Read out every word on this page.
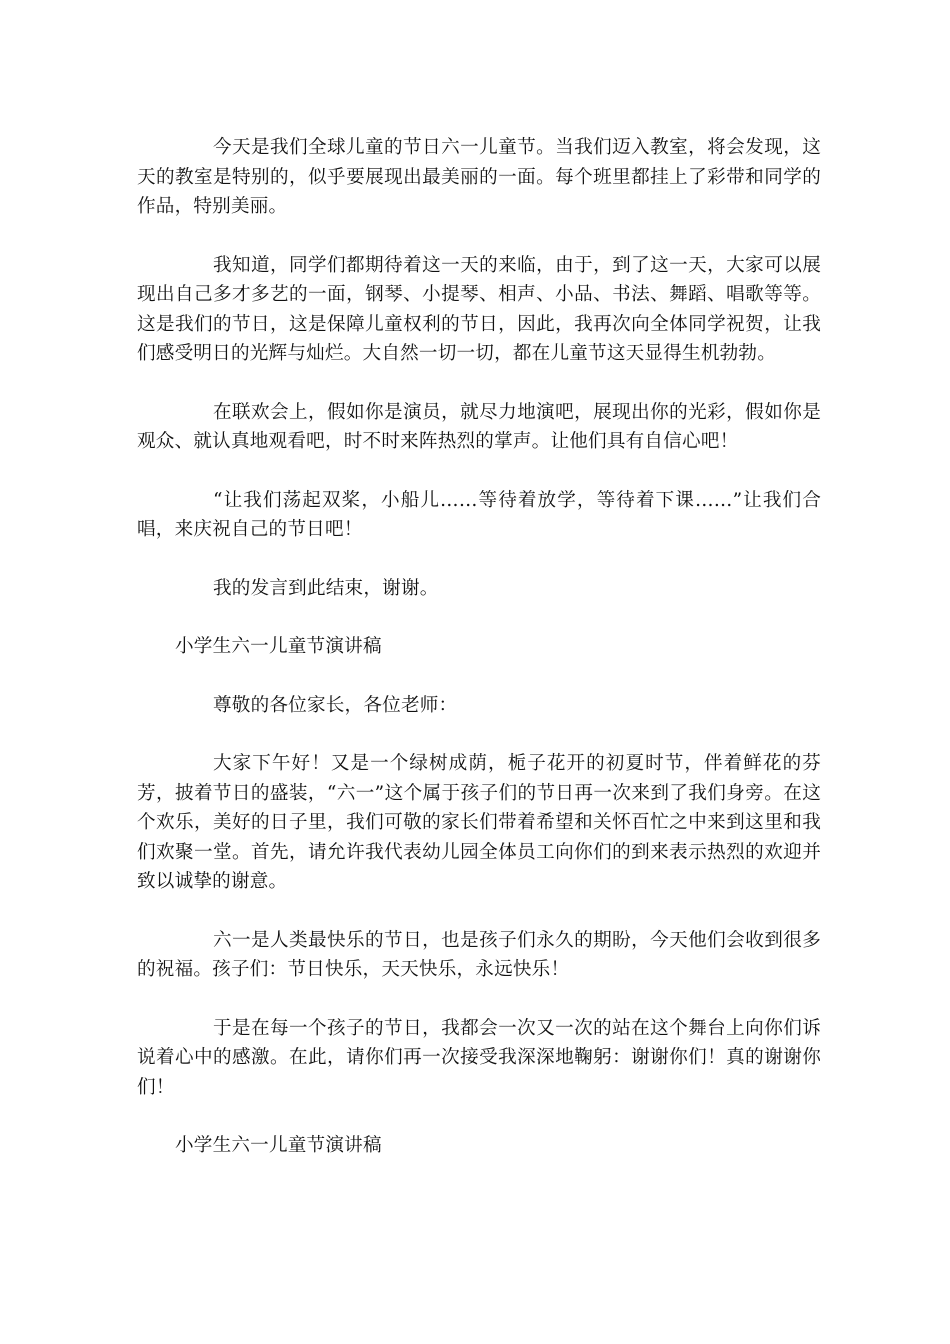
今天是我们全球儿童的节日六一儿童节。当我们迈入教室，将会发现，这天的教室是特别的，似乎要展现出最美丽的一面。每个班里都挂上了彩带和同学的作品，特别美丽。

我知道，同学们都期待着这一天的来临，由于，到了这一天，大家可以展现出自己多才多艺的一面，钢琴、小提琴、相声、小品、书法、舞蹈、唱歌等等。这是我们的节日，这是保障儿童权利的节日，因此，我再次向全体同学祝贺，让我们感受明日的光辉与灿烂。大自然一切一切，都在儿童节这天显得生机勃勃。

在联欢会上，假如你是演员，就尽力地演吧，展现出你的光彩，假如你是观众、就认真地观看吧，时不时来阵热烈的掌声。让他们具有自信心吧！

“让我们荡起双桨，小船儿……等待着放学，等待着下课……”让我们合唱，来庆祝自己的节日吧！

我的发言到此结束，谢谢。

小学生六一儿童节演讲稿

尊敬的各位家长，各位老师：

大家下午好！又是一个绿树成荫，栀子花开的初夏时节，伴着鲜花的芬芳，披着节日的盛装，“六一”这个属于孩子们的节日再一次来到了我们身旁。在这个欢乐，美好的日子里，我们可敬的家长们带着希望和关怀百忙之中来到这里和我们欢聚一堂。首先，请允许我代表幼儿园全体员工向你们的到来表示热烈的欢迎并致以诚挚的谢意。

六一是人类最快乐的节日，也是孩子们永久的期盼，今天他们会收到很多的祝福。孩子们：节日快乐，天天快乐，永远快乐！

于是在每一个孩子的节日，我都会一次又一次的站在这个舞台上向你们诉说着心中的感激。在此，请你们再一次接受我深深地鞠躬：谢谢你们！真的谢谢你们！

小学生六一儿童节演讲稿
